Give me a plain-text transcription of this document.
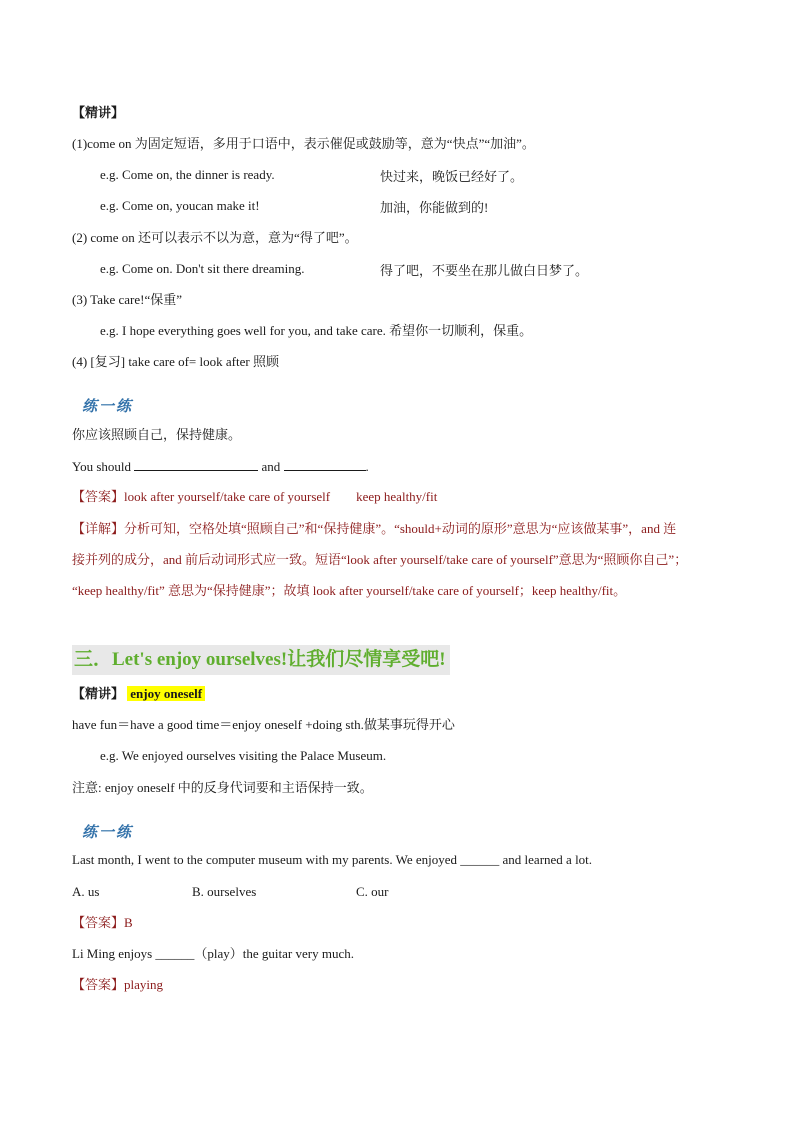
【精讲】
(1)come on 为固定短语，多用于口语中，表示催促或鼓励等，意为“快点”“加油”。
e.g. Come on, the dinner is ready.	快过来，晚饭已经好了。
e.g. Come on, youcan make it!	加油，你能做到的!
(2) come on 还可以表示不以为意，意为“得了吧”。
e.g. Come on. Don't sit there dreaming.	得了吧，不要坐在那儿做白日梦了。
(3) Take care!“保重”
e.g. I hope everything goes well for you, and take care. 希望你一切顺利，保重。
(4) [复习] take care of= look after 照顾
练一练
你应该照顾自己，保持健康。
You should	and	.
【答案】look after yourself/take care of yourself keep healthy/fit
【详解】分析可知，空格处填“照顾自己”和“保持健康”。“should+动词的原形”意思为“应该做某事”，and 连
接并列的成分，and 前后动词形式应一致。短语“look after yourself/take care of yourself”意思为“照顾你自己”；
“keep healthy/fit” 意思为“保持健康”；故填 look after yourself/take care of yourself；keep healthy/fit。
三．Let's enjoy ourselves!让我们尽情享受吧!
【精讲】 enjoy oneself
have fun＝have a good time＝enjoy oneself +doing sth.做某事玩得开心
e.g. We enjoyed ourselves visiting the Palace Museum.
注意: enjoy oneself 中的反身代词要和主语保持一致。
练一练
Last month, I went to the computer museum with my parents. We enjoyed ______ and learned a lot.
A. us	B. ourselves	C. our
【答案】B
Li Ming enjoys ______（play）the guitar very much.
【答案】playing
